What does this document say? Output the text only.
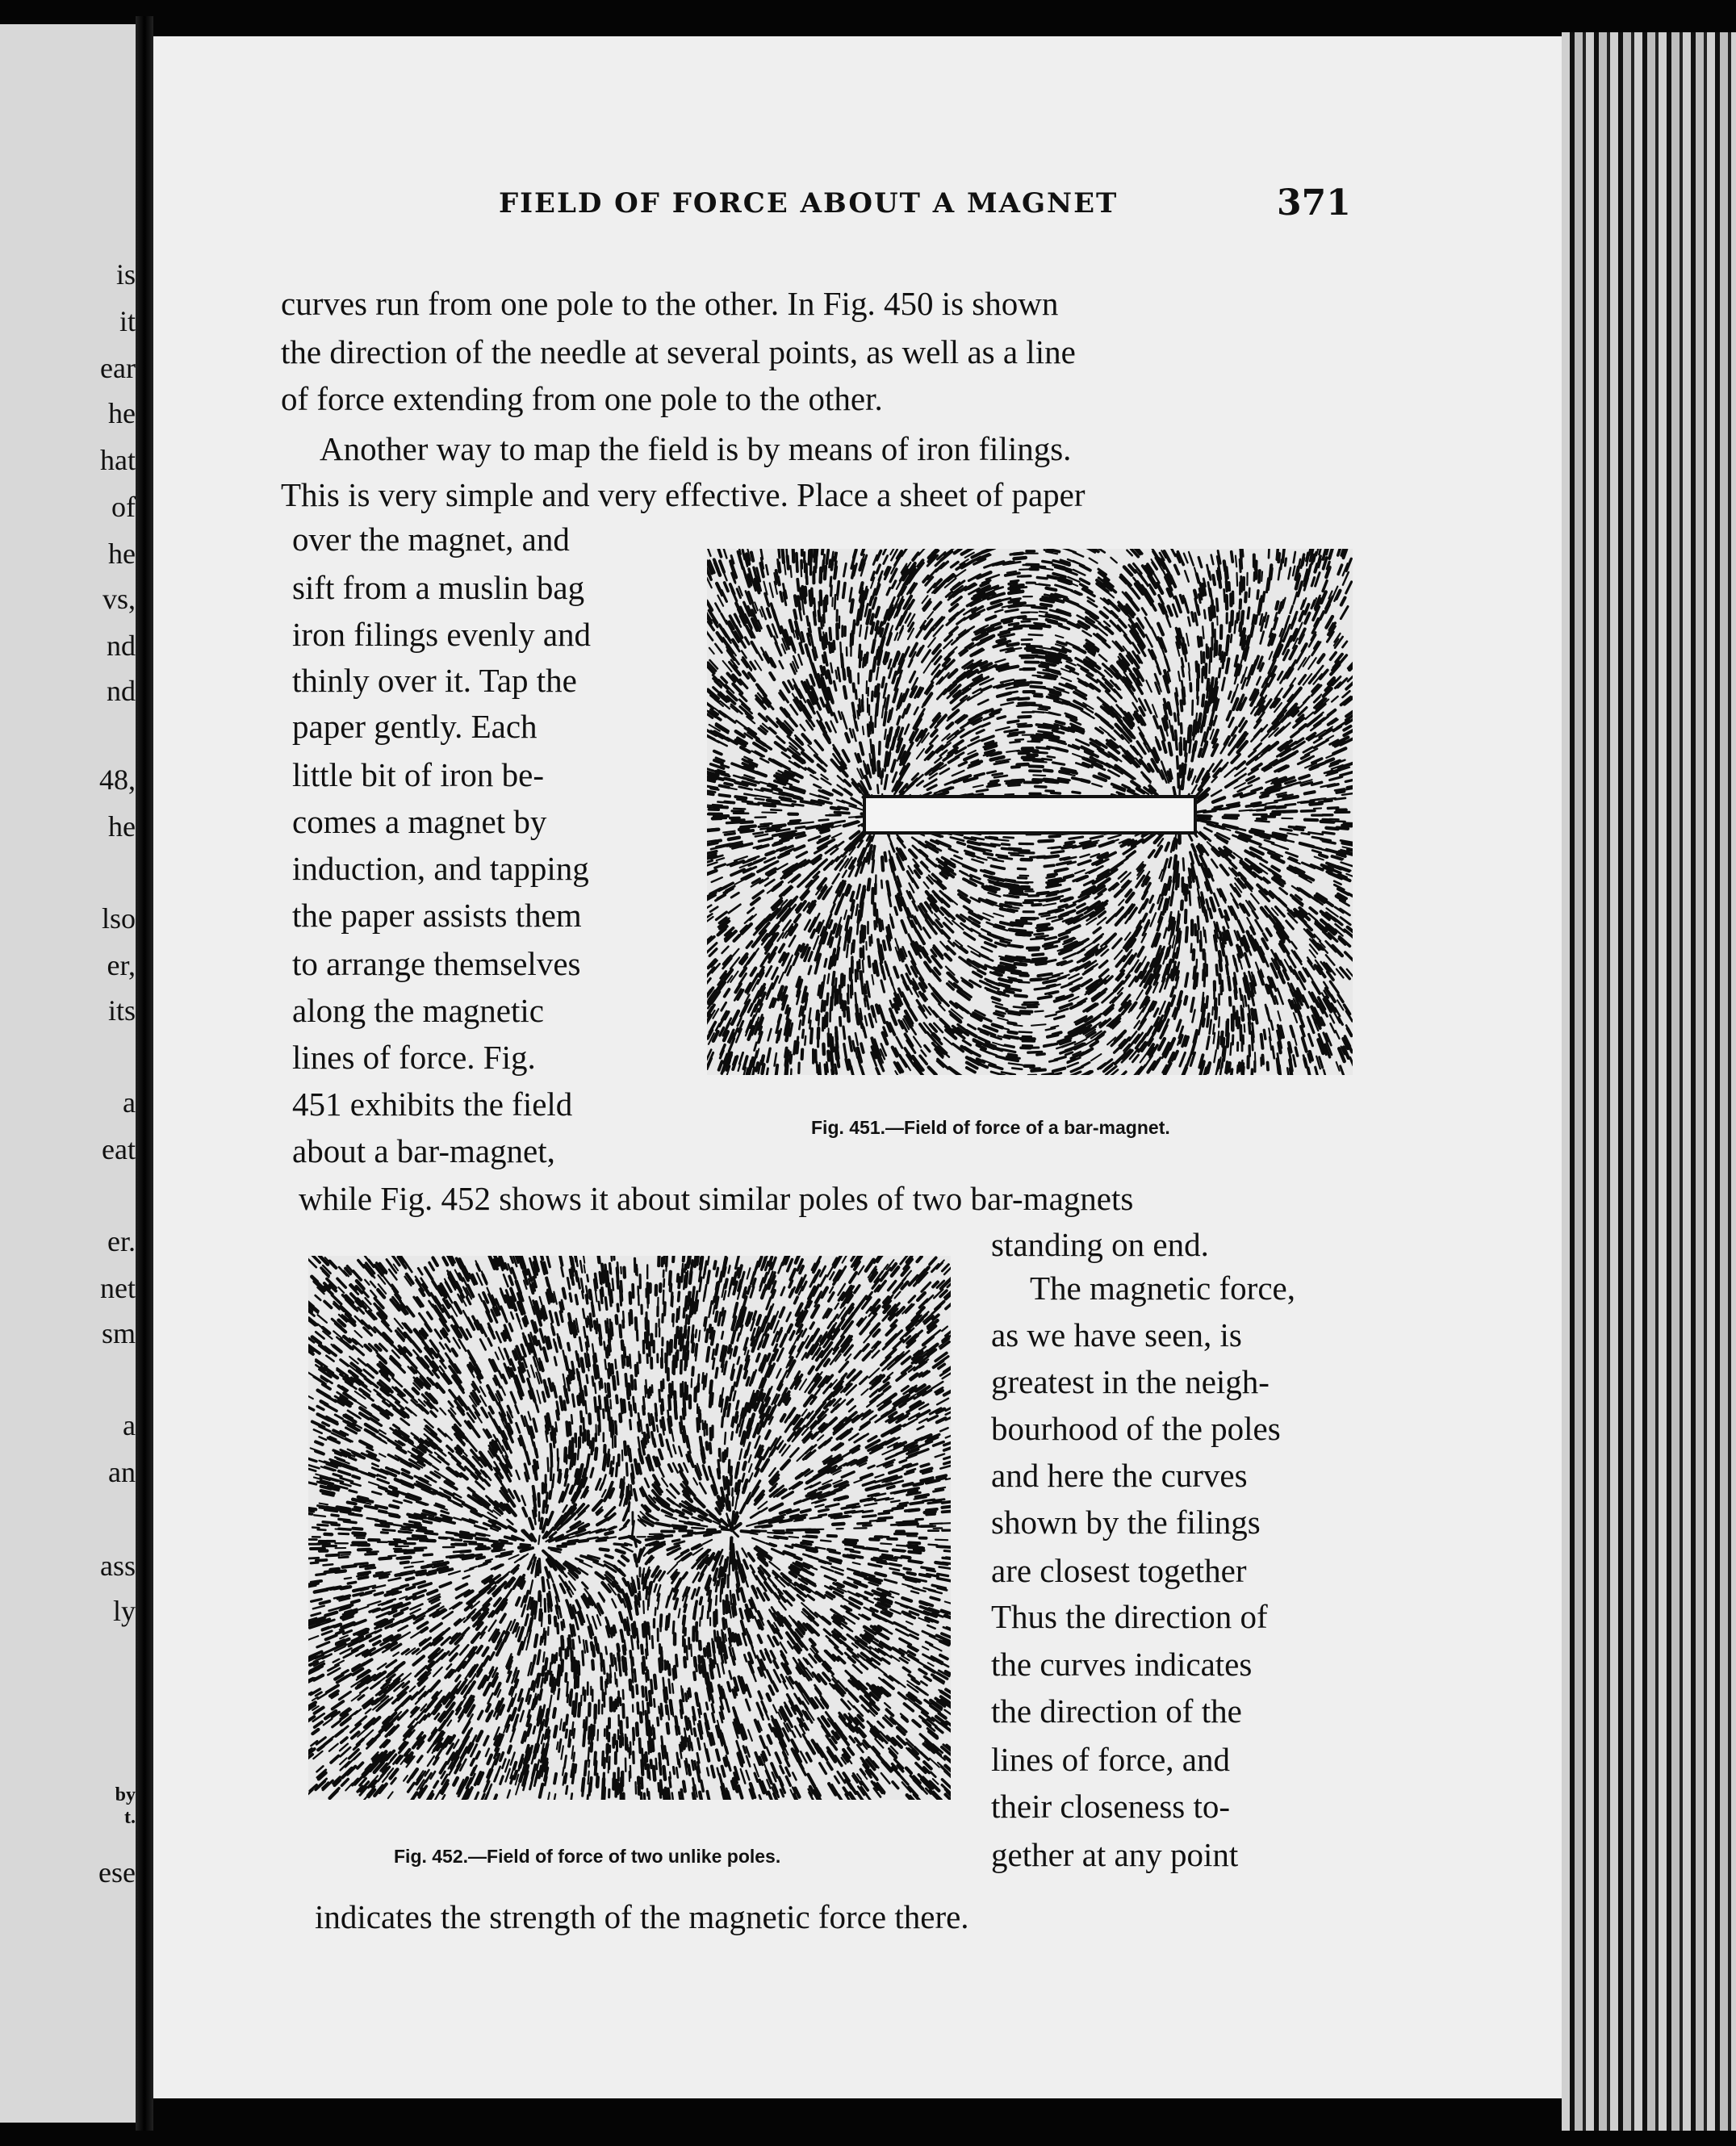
is
it
ear
he
hat
of
he
vs,
nd
nd
48,
he
lso
er,
its
a
eat
er.
net
sm
a
an
ass
ly
by
t.
ese
FIELD OF FORCE ABOUT A MAGNET	371
curves run from one pole to the other. In Fig. 450 is shown
the direction of the needle at several points, as well as a line
of force extending from one pole to the other.
Another way to map the field is by means of iron filings.
This is very simple and very effective. Place a sheet of paper
over the magnet, and
sift from a muslin bag
iron filings evenly and
thinly over it. Tap the
paper gently. Each
little bit of iron be-
comes a magnet by
induction, and tapping
the paper assists them
to arrange themselves
along the magnetic
lines of force. Fig.
451 exhibits the field
about a bar-magnet,
Fig. 451.—Field of force of a bar-magnet.
while Fig. 452 shows it about similar poles of two bar-magnets
standing on end.
Fig. 452.—Field of force of two unlike poles.
The magnetic force,
as we have seen, is
greatest in the neigh-
bourhood of the poles
and here the curves
shown by the filings
are closest together
Thus the direction of
the curves indicates
the direction of the
lines of force, and
their closeness to-
gether at any point
indicates the strength of the magnetic force there.
